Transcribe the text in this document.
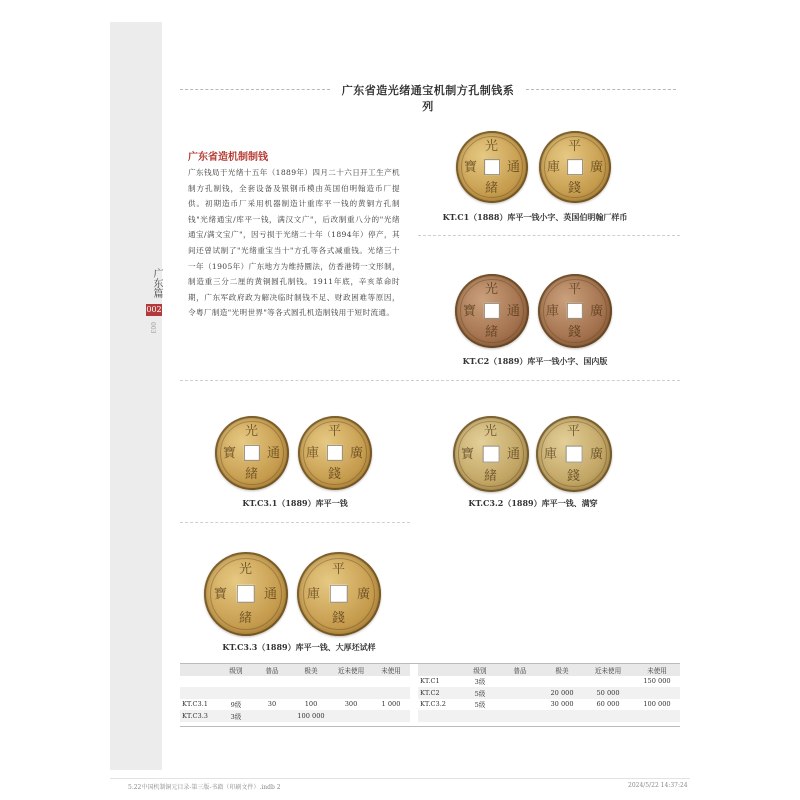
广东篇
002
003
广东省造光绪通宝机制方孔制钱系列
广东省造机制制钱
广东钱局于光绪十五年（1889年）四月二十六日开工生产机制方孔制钱，全套设备及银钢币模由英国伯明翰造币厂提供。初期造币厂采用机器制造计重库平一钱的黄铜方孔制钱"光绪通宝/库平一钱，满汉文广"，后改制重八分的"光绪通宝/满文宝广"，因亏损于光绪二十年（1894年）停产，其间还曾试制了"光绪重宝当十"方孔等各式减重钱。光绪三十一年（1905年）广东地方为维持圜法，仿香港铸一文形制，制造重三分二厘的黄铜圆孔制钱。1911年底，辛亥革命时期，广东军政府政为解决临时制钱不足、财政困难等原因，令粤厂制造"光明世界"等各式圆孔机造制钱用于短时流通。
光
通
緒
寶
平
廣
錢
庫
KT.C1（1888）库平一钱小字、英国伯明翰厂样币
光
通
緒
寶
平
廣
錢
庫
KT.C2（1889）库平一钱小字、国内版
光
通
緒
寶
平
廣
錢
庫
KT.C3.1（1889）库平一钱
光
通
緒
寶
平
廣
錢
庫
KT.C3.2（1889）库平一钱、满穿
光
通
緒
寶
平
廣
錢
庫
KT.C3.3（1889）库平一钱、大厚坯试样
	级别	普品	极美	近未使用	未使用

KT.C3.1	9级	30	100	300	1 000
KT.C3.3	3级		100 000		
	级别	普品	极美	近未使用	未使用
KT.C1	3级				150 000
KT.C2	5级		20 000	50 000	
KT.C3.2	5级		30 000	60 000	100 000

5.22中国机制铜元目录-第三版-书籍（印刷文件）.indb 2	2024/5/22 14:37:24
